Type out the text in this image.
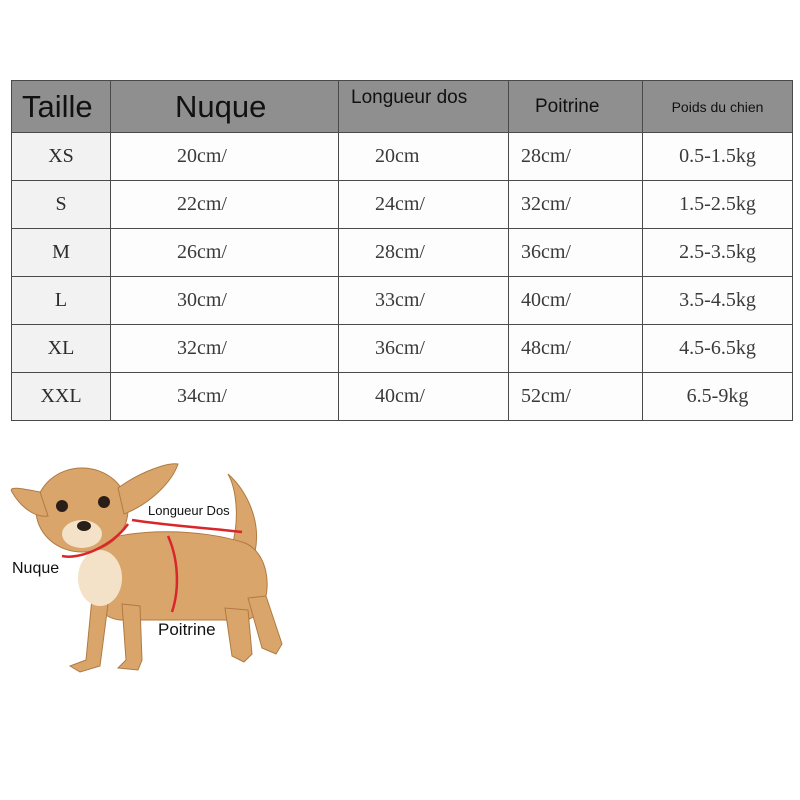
Taille	Nuque	Longueur dos	Poitrine	Poids du chien
XS	20cm/	20cm	28cm/	0.5-1.5kg
S	22cm/	24cm/	32cm/	1.5-2.5kg
M	26cm/	28cm/	36cm/	2.5-3.5kg
L	30cm/	33cm/	40cm/	3.5-4.5kg
XL	32cm/	36cm/	48cm/	4.5-6.5kg
XXL	34cm/	40cm/	52cm/	6.5-9kg
Longueur Dos
Nuque
Poitrine
